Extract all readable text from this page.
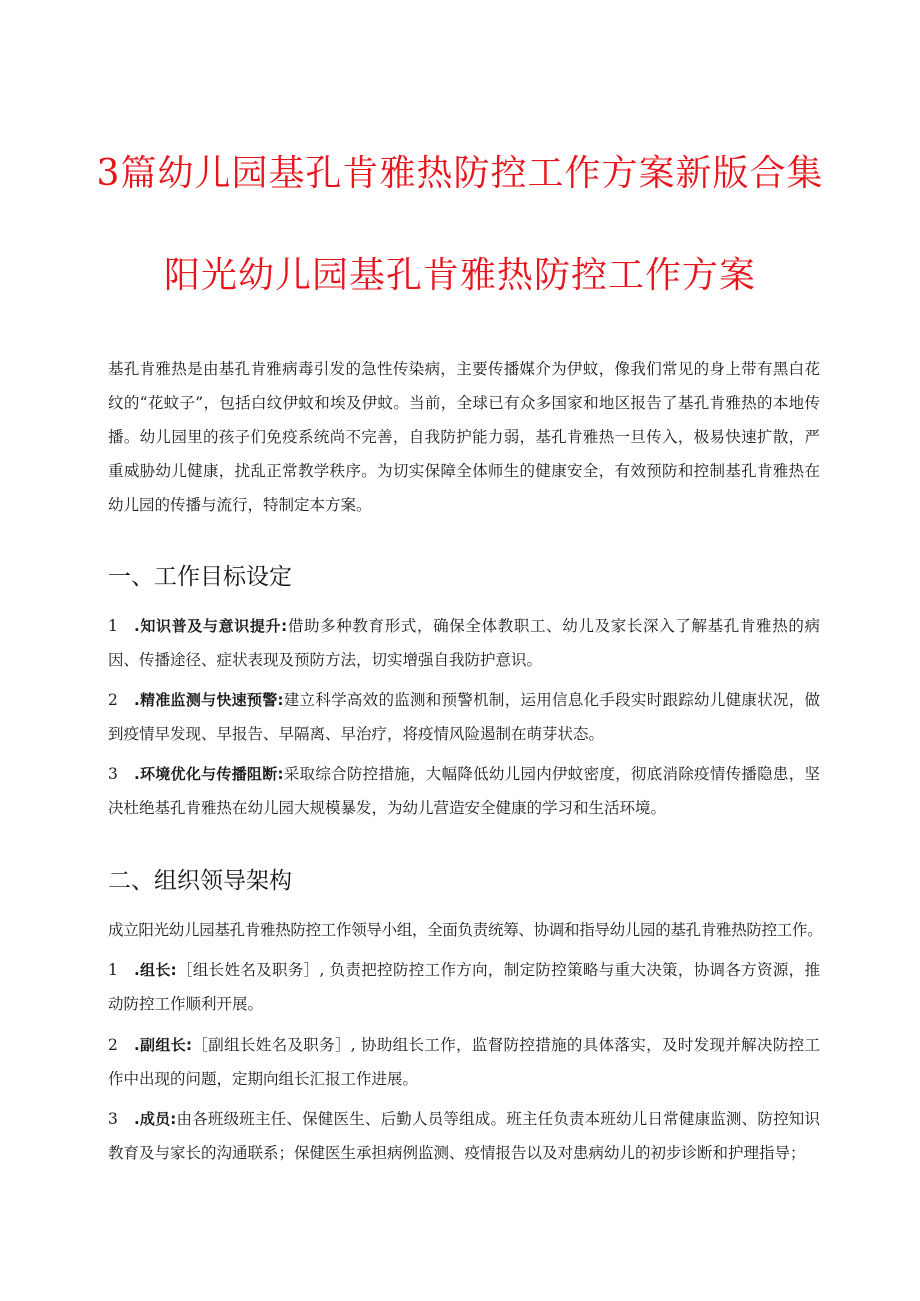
3篇幼儿园基孔肯雅热防控工作方案新版合集
阳光幼儿园基孔肯雅热防控工作方案
基孔肯雅热是由基孔肯雅病毒引发的急性传染病，主要传播媒介为伊蚊，像我们常见的身上带有黑白花纹的“花蚊子”，包括白纹伊蚊和埃及伊蚊。当前，全球已有众多国家和地区报告了基孔肯雅热的本地传播。幼儿园里的孩子们免疫系统尚不完善，自我防护能力弱，基孔肯雅热一旦传入，极易快速扩散，严重威胁幼儿健康，扰乱正常教学秩序。为切实保障全体师生的健康安全，有效预防和控制基孔肯雅热在幼儿园的传播与流行，特制定本方案。
一、工作目标设定
1 .知识普及与意识提升:借助多种教育形式，确保全体教职工、幼儿及家长深入了解基孔肯雅热的病因、传播途径、症状表现及预防方法，切实增强自我防护意识。
2 .精准监测与快速预警:建立科学高效的监测和预警机制，运用信息化手段实时跟踪幼儿健康状况，做到疫情早发现、早报告、早隔离、早治疗，将疫情风险遏制在萌芽状态。
3 .环境优化与传播阻断:采取综合防控措施，大幅降低幼儿园内伊蚊密度，彻底消除疫情传播隐患，坚决杜绝基孔肯雅热在幼儿园大规模暴发，为幼儿营造安全健康的学习和生活环境。
二、组织领导架构
成立阳光幼儿园基孔肯雅热防控工作领导小组，全面负责统筹、协调和指导幼儿园的基孔肯雅热防控工作。
1 .组长:［组长姓名及职务］, 负责把控防控工作方向，制定防控策略与重大决策，协调各方资源，推动防控工作顺利开展。
2 .副组长:［副组长姓名及职务］, 协助组长工作，监督防控措施的具体落实，及时发现并解决防控工作中出现的问题，定期向组长汇报工作进展。
3 .成员:由各班级班主任、保健医生、后勤人员等组成。班主任负责本班幼儿日常健康监测、防控知识教育及与家长的沟通联系；保健医生承担病例监测、疫情报告以及对患病幼儿的初步诊断和护理指导；
